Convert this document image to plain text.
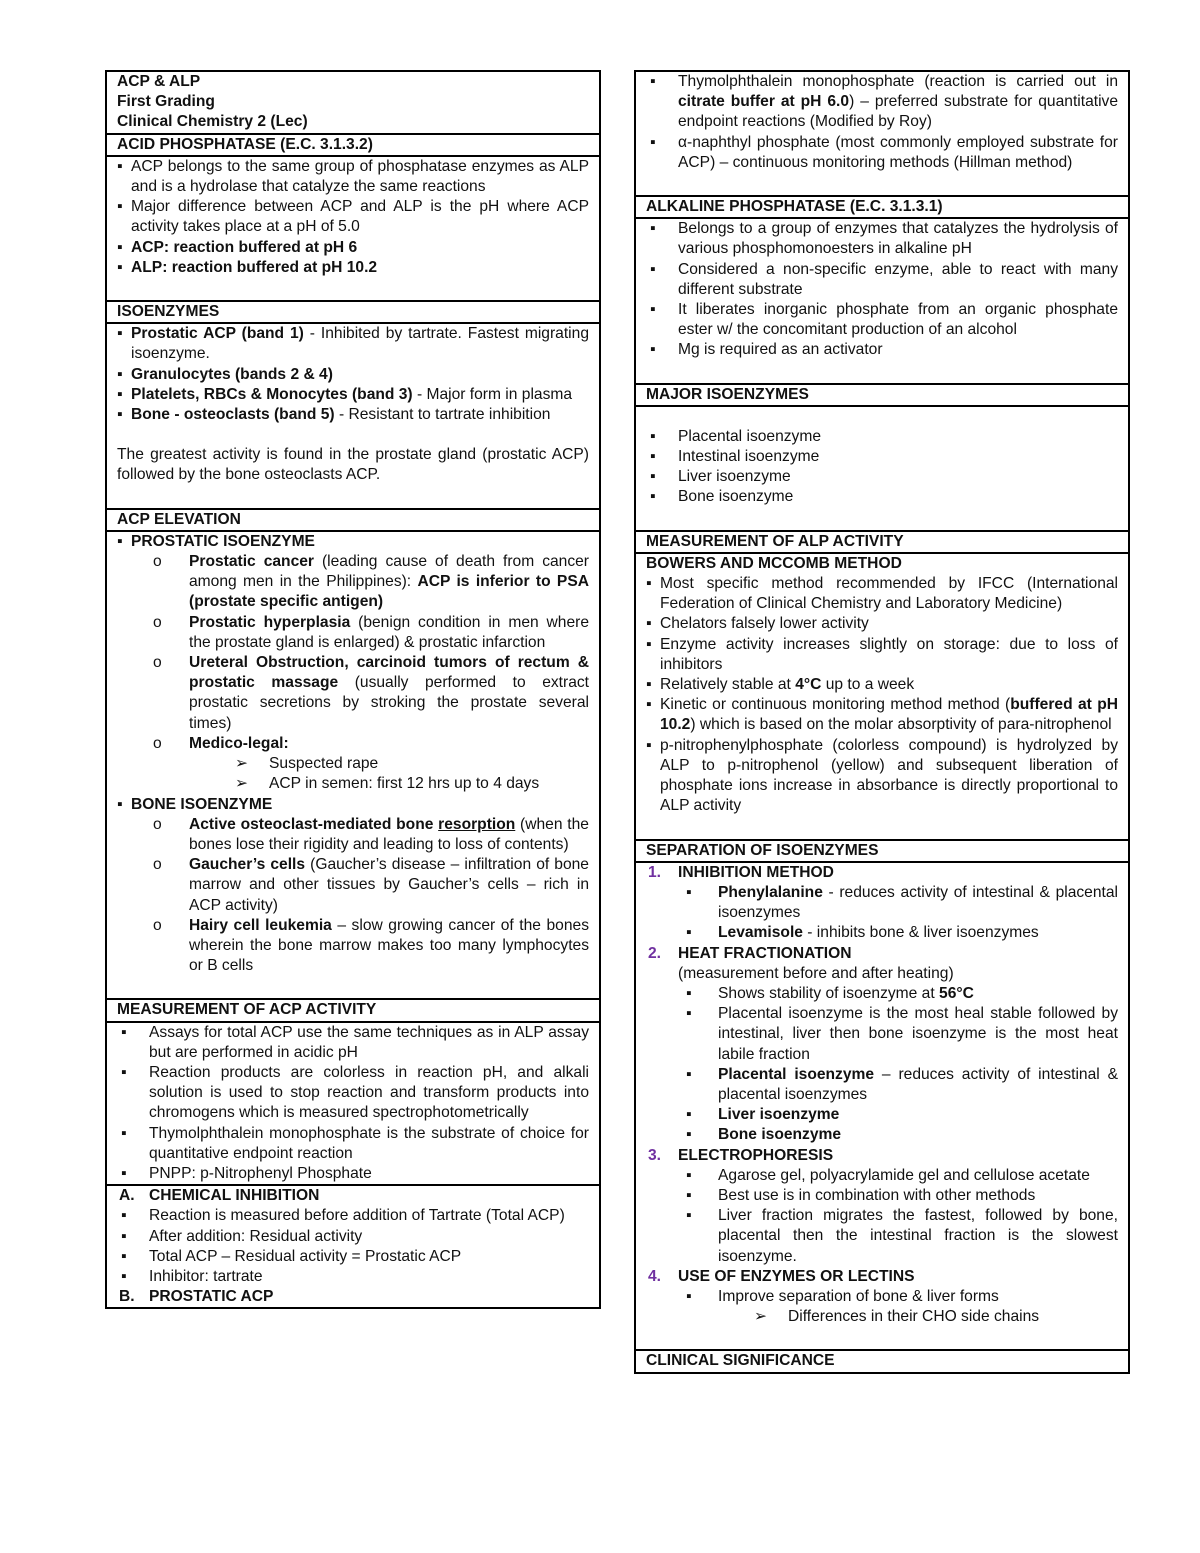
ACP & ALP
First Grading
Clinical Chemistry 2 (Lec)
ACID PHOSPHATASE (E.C. 3.1.3.2)
▪ ACP belongs to the same group of phosphatase enzymes as ALP and is a hydrolase that catalyze the same reactions
▪ Major difference between ACP and ALP is the pH where ACP activity takes place at a pH of 5.0
▪ ACP: reaction buffered at pH 6
▪ ALP: reaction buffered at pH 10.2
ISOENZYMES
▪ Prostatic ACP (band 1) - Inhibited by tartrate. Fastest migrating isoenzyme.
▪ Granulocytes (bands 2 & 4)
▪ Platelets, RBCs & Monocytes (band 3) - Major form in plasma
▪ Bone - osteoclasts (band 5) - Resistant to tartrate inhibition
The greatest activity is found in the prostate gland (prostatic ACP) followed by the bone osteoclasts ACP.
ACP ELEVATION
▪ PROSTATIC ISOENZYME
o Prostatic cancer (leading cause of death from cancer among men in the Philippines): ACP is inferior to PSA (prostate specific antigen)
o Prostatic hyperplasia (benign condition in men where the prostate gland is enlarged) & prostatic infarction
o Ureteral Obstruction, carcinoid tumors of rectum & prostatic massage (usually performed to extract prostatic secretions by stroking the prostate several times)
o Medico-legal:
➢ Suspected rape
➢ ACP in semen: first 12 hrs up to 4 days
▪ BONE ISOENZYME
o Active osteoclast-mediated bone resorption (when the bones lose their rigidity and leading to loss of contents)
o Gaucher’s cells (Gaucher’s disease – infiltration of bone marrow and other tissues by Gaucher’s cells – rich in ACP activity)
o Hairy cell leukemia – slow growing cancer of the bones wherein the bone marrow makes too many lymphocytes or B cells
MEASUREMENT OF ACP ACTIVITY
▪ Assays for total ACP use the same techniques as in ALP assay but are performed in acidic pH
▪ Reaction products are colorless in reaction pH, and alkali solution is used to stop reaction and transform products into chromogens which is measured spectrophotometrically
▪ Thymolphthalein monophosphate is the substrate of choice for quantitative endpoint reaction
▪ PNPP: p-Nitrophenyl Phosphate
A. CHEMICAL INHIBITION
▪ Reaction is measured before addition of Tartrate (Total ACP)
▪ After addition: Residual activity
▪ Total ACP – Residual activity = Prostatic ACP
▪ Inhibitor: tartrate
B. PROSTATIC ACP
▪ Thymolphthalein monophosphate (reaction is carried out in citrate buffer at pH 6.0) – preferred substrate for quantitative endpoint reactions (Modified by Roy)
▪ α-naphthyl phosphate (most commonly employed substrate for ACP) – continuous monitoring methods (Hillman method)
ALKALINE PHOSPHATASE (E.C. 3.1.3.1)
▪ Belongs to a group of enzymes that catalyzes the hydrolysis of various phosphomonoesters in alkaline pH
▪ Considered a non-specific enzyme, able to react with many different substrate
▪ It liberates inorganic phosphate from an organic phosphate ester w/ the concomitant production of an alcohol
▪ Mg is required as an activator
MAJOR ISOENZYMES
▪ Placental isoenzyme
▪ Intestinal isoenzyme
▪ Liver isoenzyme
▪ Bone isoenzyme
MEASUREMENT OF ALP ACTIVITY
BOWERS AND MCCOMB METHOD
▪ Most specific method recommended by IFCC (International Federation of Clinical Chemistry and Laboratory Medicine)
▪ Chelators falsely lower activity
▪ Enzyme activity increases slightly on storage: due to loss of inhibitors
▪ Relatively stable at 4°C up to a week
▪ Kinetic or continuous monitoring method method (buffered at pH 10.2) which is based on the molar absorptivity of para-nitrophenol
▪ p-nitrophenylphosphate (colorless compound) is hydrolyzed by ALP to p-nitrophenol (yellow) and subsequent liberation of phosphate ions increase in absorbance is directly proportional to ALP activity
SEPARATION OF ISOENZYMES
1. INHIBITION METHOD
▪ Phenylalanine - reduces activity of intestinal & placental isoenzymes
▪ Levamisole - inhibits bone & liver isoenzymes
2. HEAT FRACTIONATION
(measurement before and after heating)
▪ Shows stability of isoenzyme at 56°C
▪ Placental isoenzyme is the most heal stable followed by intestinal, liver then bone isoenzyme is the most heat labile fraction
▪ Placental isoenzyme – reduces activity of intestinal & placental isoenzymes
▪ Liver isoenzyme
▪ Bone isoenzyme
3. ELECTROPHORESIS
▪ Agarose gel, polyacrylamide gel and cellulose acetate
▪ Best use is in combination with other methods
▪ Liver fraction migrates the fastest, followed by bone, placental then the intestinal fraction is the slowest isoenzyme.
4. USE OF ENZYMES OR LECTINS
▪ Improve separation of bone & liver forms
➢ Differences in their CHO side chains
CLINICAL SIGNIFICANCE
